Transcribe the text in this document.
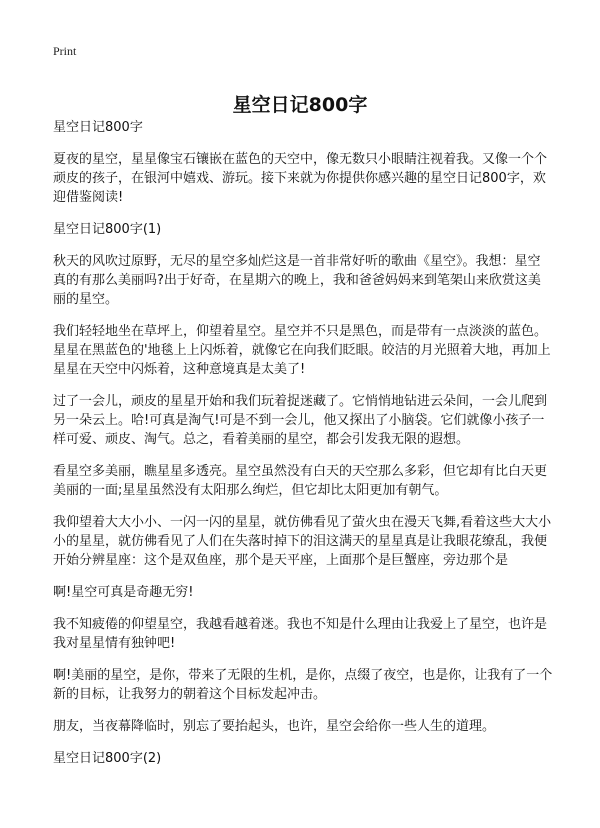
Print
星空日记800字

星空日记800字

夏夜的星空，星星像宝石镶嵌在蓝色的天空中，像无数只小眼睛注视着我。又像一个个顽皮的孩子，在银河中嬉戏、游玩。接下来就为你提供你感兴趣的星空日记800字，欢迎借鉴阅读!

星空日记800字(1)

秋天的风吹过原野，无尽的星空多灿烂这是一首非常好听的歌曲《星空》。我想：星空真的有那么美丽吗?出于好奇，在星期六的晚上，我和爸爸妈妈来到笔架山来欣赏这美丽的星空。

我们轻轻地坐在草坪上，仰望着星空。星空并不只是黑色，而是带有一点淡淡的蓝色。星星在黑蓝色的'地毯上上闪烁着，就像它在向我们眨眼。皎洁的月光照着大地，再加上星星在天空中闪烁着，这种意境真是太美了!

过了一会儿，顽皮的星星开始和我们玩着捉迷藏了。它悄悄地钻进云朵间，一会儿爬到另一朵云上。哈!可真是淘气!可是不到一会儿，他又探出了小脑袋。它们就像小孩子一样可爱、顽皮、淘气。总之，看着美丽的星空，都会引发我无限的遐想。

看星空多美丽，瞧星星多透亮。星空虽然没有白天的天空那么多彩，但它却有比白天更美丽的一面;星星虽然没有太阳那么绚烂，但它却比太阳更加有朝气。

我仰望着大大小小、一闪一闪的星星，就仿佛看见了萤火虫在漫天飞舞,看着这些大大小小的星星，就仿佛看见了人们在失落时掉下的泪这满天的星星真是让我眼花缭乱，我便开始分辨星座：这个是双鱼座，那个是天平座，上面那个是巨蟹座，旁边那个是

啊!星空可真是奇趣无穷!

我不知疲倦的仰望星空，我越看越着迷。我也不知是什么理由让我爱上了星空，也许是我对星星情有独钟吧!

啊!美丽的星空，是你，带来了无限的生机，是你，点缀了夜空，也是你，让我有了一个新的目标，让我努力的朝着这个目标发起冲击。

朋友，当夜幕降临时，别忘了要抬起头，也许，星空会给你一些人生的道理。

星空日记800字(2)
